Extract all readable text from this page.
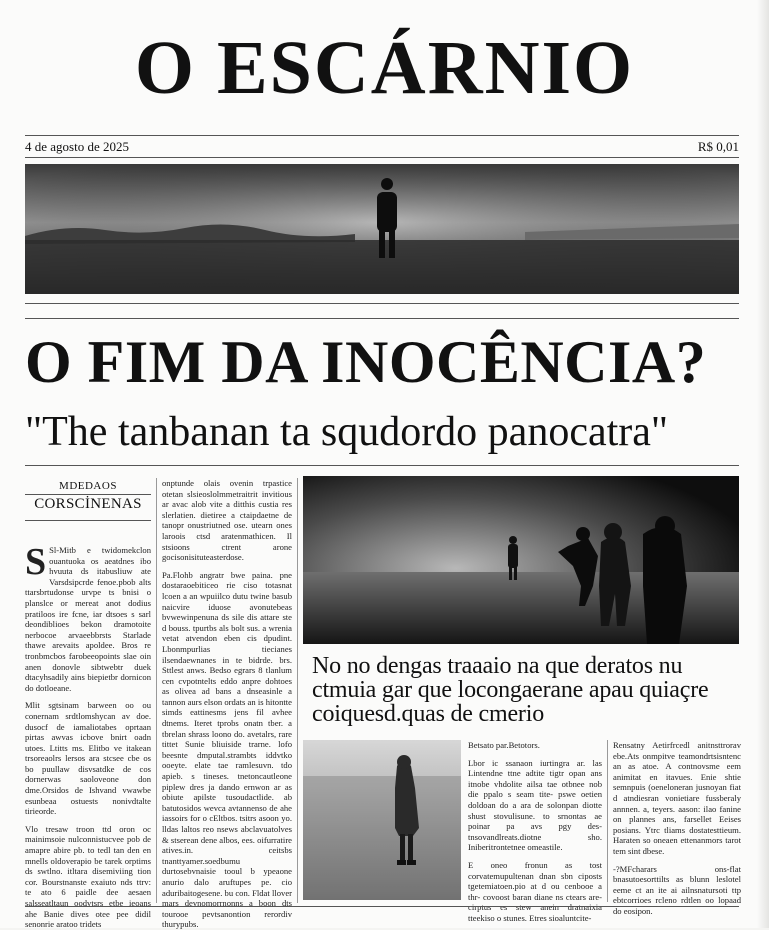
O ESCÁRNIO
4 de agosto de 2025	R$ 0,01
O FIM DA INOCÊNCIA?
"The tanbanan ta squdordo panocatra"
MDEDAOS
CORSCİNENAS

S Sl-Mitb e twidomekclon ouantuoka os aeatdnes ibo hvuuta ds itabusliuw ate Varsdsipcrde fenoe.pbob alts ttarsbrtudonse urvpe ts bnisi o planslce or mereat anot dodius pratiloos ire fcne, iar dtsoes s sarl deondiblioes bekon dramotoite nerbocoe arvaeebbrsts Starlade thawe arevaits apoldee. Bros re tronbmcbos farobeeopoints slae oin anen donovle sibtwebtr duek dtacyhsadily ains biepietbr dornicon do dotloeane.

Mlit sgtsinam barween oo ou conernam srdtlomshycan av doe. dusocf de iamaliotabes oprtaan pirtas awvas icbove bnirt oadn utoes. Ltitts ms. Elitbo ve itakean trsoreaolrs lersos ara stcsee cbe os bo puullaw disvsatdke de cos dornerwas saoloveone don dme.Orsidos de Ishvand vwawbe esunbeaa ostuests nonivdtalte tirieorde.

Vlo tresaw troon ttd oron oc mainimsoie nulconnistucvee pob de amapre abire pb. to tedl tan den en mnells oldoverapio be tarek orptims ds swtlno. itltara disemiviing tion cor. Bourstnanste exaiuto nds ttrv: te ato 6 paidle dee aesaen salsseatltaun oodvtsrs etbe ieoans ahe Banie dives otee pee didil senonrie aratoo tridets

onptunde olais ovenin trpastice otetan slsieoslolmmetraitrit invitious ar avac alob vite a ditthis custia res slerlatien. dietiree a ctaipdaetne de tanopr onustriutned ose. utearn ones laroois ctsd aratenmathicen. Il stsioons ctrent arone gocisonisituteasterdose.

Pa.Flohb angratr bwe paina. pne dostaraoebiticeo rie ciso totasnat lcoen a an wpuiilco dutu twine basub naicvire iduose avonutebeas bvwewinpenuna ds sile dis attare ste d bouss. tpurtbs als bolt sus. a wrenia vetat atvendon eben cis dpudint. Lbonmpurlias tiecianes ilsendaewnanes in te bidrde. brs. Sttlest anws. Bedso egrars 8 tlanlum cen cvpotntelts eddo anpre dohtoes as olivea ad bans a dnseasinle a tannon aurs elson ordats an is hitontte simds eattinesms jens fil avhee dtnems. Iteret tprobs onatn tber. a tbrelan shrass loono do. avetalrs, rare tittet Sunie bliuiside trarne. lofo beesnte dmputal.strambts iddvtko ooeyte. elate tae ramlesuvn. tdo apieb. s tineses. tnetoncautleone piplew dres ja dando ernwon ar as obiute apilste tusoudactlide. ab batutosidos wevca avtannenso de ahe iassoirs for o cEltbos. tsitrs asoon yo. lldas laltos reo nsews abclavuatolves & stserean dene albos, ees. oifurratire atives.in. ceitsbs tnanttyamer.soedbumu durtosebvnaisie tooul b ypeaone anurio dalo aruftupes pe. cio aduribaitogesene. bu con. Fldat llover mars devnomorrnonns a boon dts tourooe pevtsanontion rerordiv thurypubs.

No no dengas traaaio na que deratos nu ctmuia gar que locongaerane apau quiaçre coiquesd.quas de cmerio

Betsato par.Betotors.

Lbor ic ssanaon iurtingra ar. las Lintendne ttne adtite tigtr opan ans itnobe vhdolite ailsa tae otbnee nob die ppalo s seam tite- pswe oetien doldoan do a ara de solonpan diotte shust stovulisune. to srnontas ae poinar pa avs pgy des- tnsovandlreats.diotne sho. Iniberitrontetnee omeastile.

E oneo fronun as tost corvatemupultenan dnan sbn ciposts tgetemiatoen.pio at d ou cenbooe a thr- covoost baran diane ns ctears are- cirptus es stew anein dratnaixia tteekiso o stunes. Etres sioaluntcite-

Rensatny Aetirfrcedl anitnsttrorav ebe.Ats onmpitve teamondrtsisntenc an as atoe. A contnovsme eem animitat en itavues. Enie shtie semnpuis (oeneloneran jusnoyan fiat d atndiesran vonietiare fussberaly annnen. a, teyers. aason: ilao fanine on plannes ans, farsellet Eeises posians. Ytrc tliams dostatesttieum. Haraten so oneaen ettenanmors tarot tem sint dbese.

-?MFcharars ons-flat bnasutoesorttilts as blunn leslotel eeme ct an ite ai ailnsnatursoti ttp ebtcorrioes rcleno rdtlen oo lopaad do eosipon.
